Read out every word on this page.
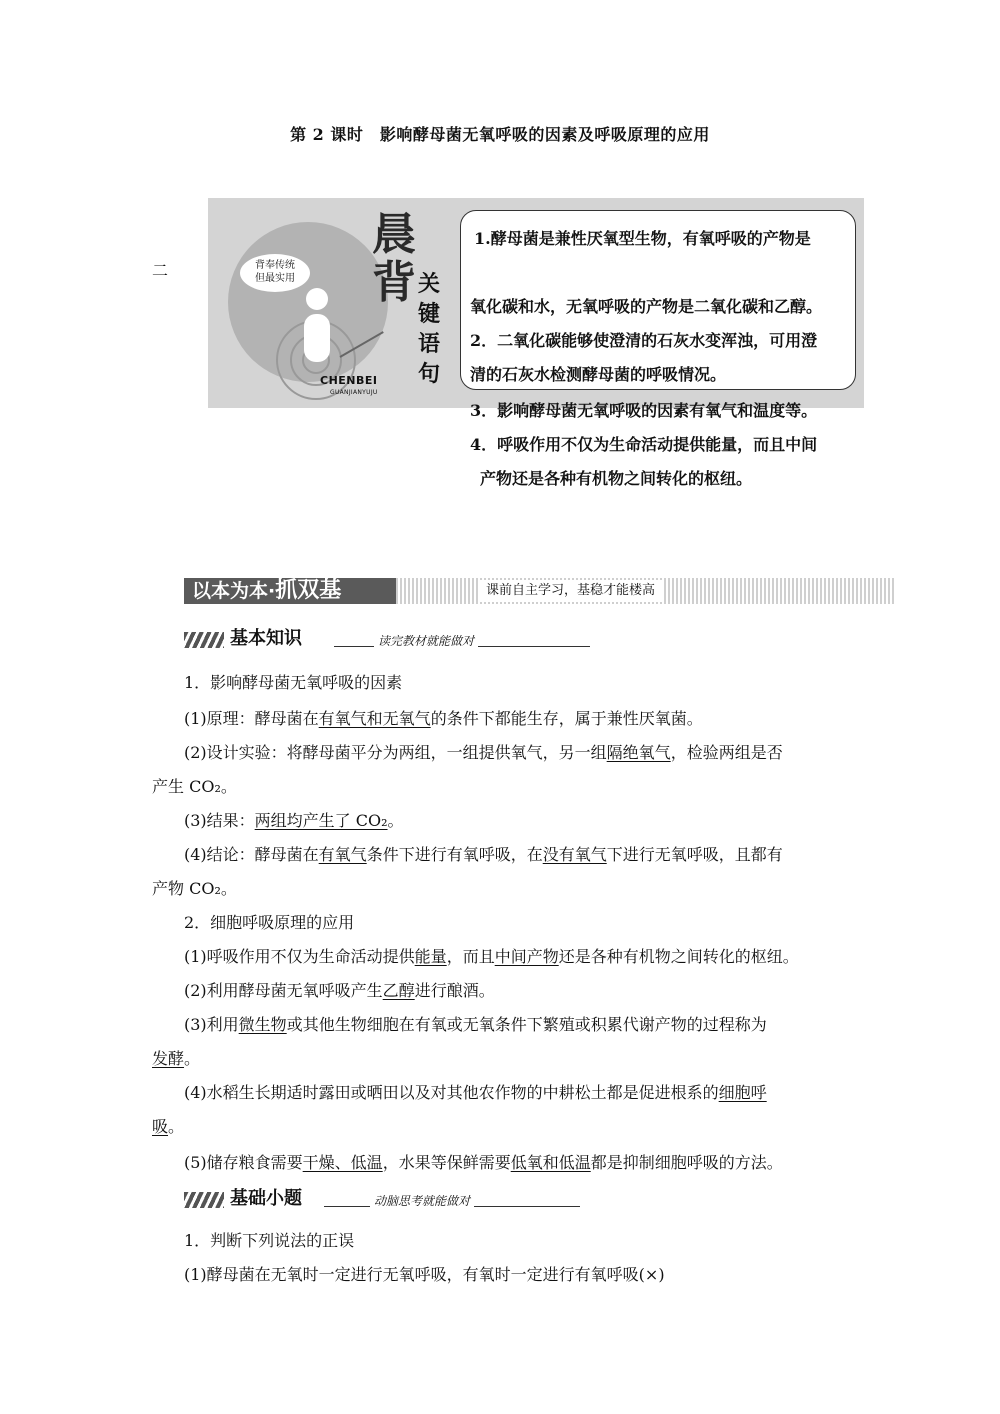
第 2 课时　影响酵母菌无氧呼吸的因素及呼吸原理的应用
二	背奉传统
但最实用
CHENBEI
GUANJIANYUJU
晨
背 关键语句
1.酵母菌是兼性厌氧型生物，有氧呼吸的产物是
氧化碳和水，无氧呼吸的产物是二氧化碳和乙醇。
2．二氧化碳能够使澄清的石灰水变浑浊，可用澄
清的石灰水检测酵母菌的呼吸情况。
3．影响酵母菌无氧呼吸的因素有氧气和温度等。
4．呼吸作用不仅为生命活动提供能量，而且中间
产物还是各种有机物之间转化的枢纽。
以本为本·抓双基	课前自主学习，基稳才能楼高
基本知识	读完教材就能做对
1．影响酵母菌无氧呼吸的因素
(1)原理：酵母菌在有氧气和无氧气的条件下都能生存，属于兼性厌氧菌。
(2)设计实验：将酵母菌平分为两组，一组提供氧气，另一组隔绝氧气，检验两组是否
产生 CO₂。
(3)结果：两组均产生了 CO₂。
(4)结论：酵母菌在有氧气条件下进行有氧呼吸，在没有氧气下进行无氧呼吸，且都有
产物 CO₂。
2．细胞呼吸原理的应用
(1)呼吸作用不仅为生命活动提供能量，而且中间产物还是各种有机物之间转化的枢纽。
(2)利用酵母菌无氧呼吸产生乙醇进行酿酒。
(3)利用微生物或其他生物细胞在有氧或无氧条件下繁殖或积累代谢产物的过程称为
发酵。
(4)水稻生长期适时露田或晒田以及对其他农作物的中耕松土都是促进根系的细胞呼
吸。
(5)储存粮食需要干燥、低温，水果等保鲜需要低氧和低温都是抑制细胞呼吸的方法。
基础小题	动脑思考就能做对
1．判断下列说法的正误
(1)酵母菌在无氧时一定进行无氧呼吸，有氧时一定进行有氧呼吸(×)
